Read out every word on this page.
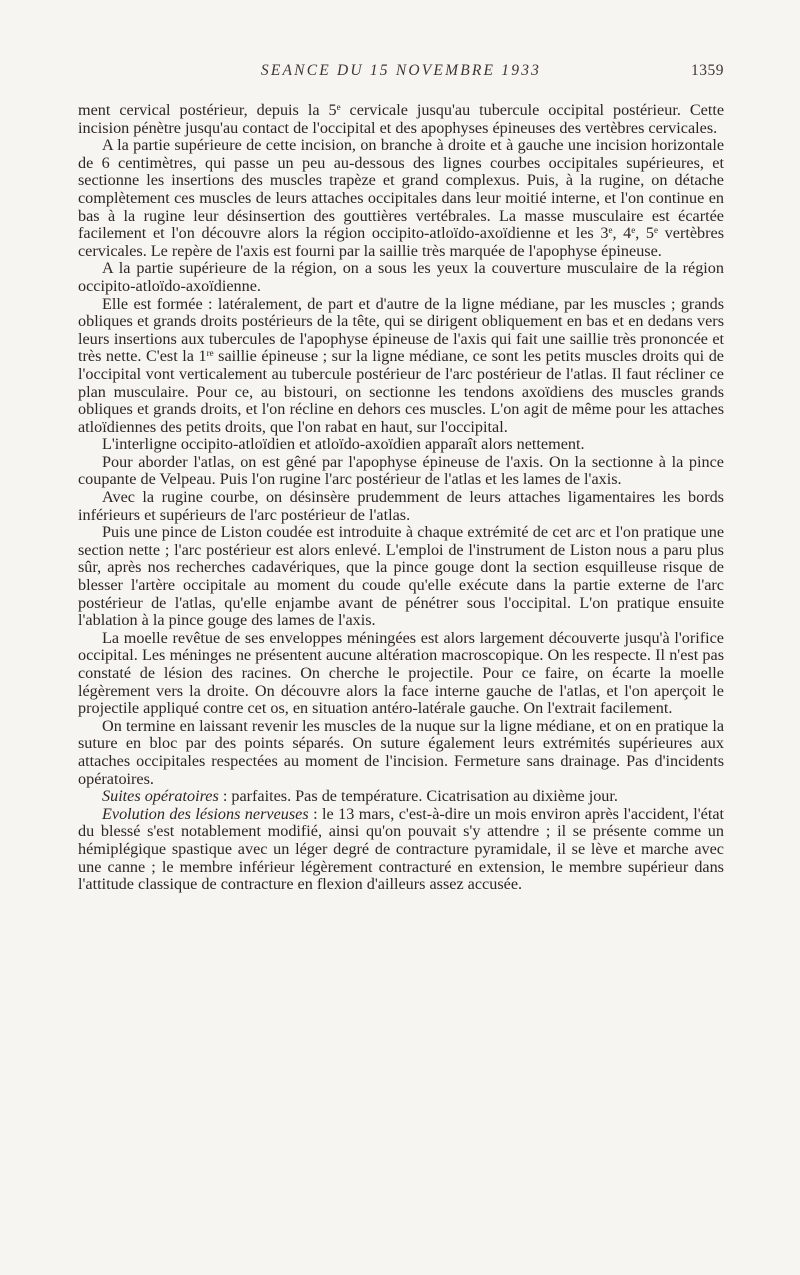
SEANCE DU 15 NOVEMBRE 1933	1359

ment cervical postérieur, depuis la 5e cervicale jusqu'au tubercule occipital postérieur. Cette incision pénètre jusqu'au contact de l'occipital et des apophyses épineuses des vertèbres cervicales.

A la partie supérieure de cette incision, on branche à droite et à gauche une incision horizontale de 6 centimètres, qui passe un peu au-dessous des lignes courbes occipitales supérieures, et sectionne les insertions des muscles trapèze et grand complexus. Puis, à la rugine, on détache complètement ces muscles de leurs attaches occipitales dans leur moitié interne, et l'on continue en bas à la rugine leur désinsertion des gouttières vertébrales. La masse musculaire est écartée facilement et l'on découvre alors la région occipito-atloïdo-axoïdienne et les 3e, 4e, 5e vertèbres cervicales. Le repère de l'axis est fourni par la saillie très marquée de l'apophyse épineuse.

A la partie supérieure de la région, on a sous les yeux la couverture musculaire de la région occipito-atloïdo-axoïdienne.

Elle est formée : latéralement, de part et d'autre de la ligne médiane, par les muscles ; grands obliques et grands droits postérieurs de la tête, qui se dirigent obliquement en bas et en dedans vers leurs insertions aux tubercules de l'apophyse épineuse de l'axis qui fait une saillie très prononcée et très nette. C'est la 1re saillie épineuse ; sur la ligne médiane, ce sont les petits muscles droits qui de l'occipital vont verticalement au tubercule postérieur de l'arc postérieur de l'atlas. Il faut récliner ce plan musculaire. Pour ce, au bistouri, on sectionne les tendons axoïdiens des muscles grands obliques et grands droits, et l'on récline en dehors ces muscles. L'on agit de même pour les attaches atloïdiennes des petits droits, que l'on rabat en haut, sur l'occipital.

L'interligne occipito-atloïdien et atloïdo-axoïdien apparaît alors nettement.

Pour aborder l'atlas, on est gêné par l'apophyse épineuse de l'axis. On la sectionne à la pince coupante de Velpeau. Puis l'on rugine l'arc postérieur de l'atlas et les lames de l'axis.

Avec la rugine courbe, on désinsère prudemment de leurs attaches ligamentaires les bords inférieurs et supérieurs de l'arc postérieur de l'atlas.

Puis une pince de Liston coudée est introduite à chaque extrémité de cet arc et l'on pratique une section nette ; l'arc postérieur est alors enlevé. L'emploi de l'instrument de Liston nous a paru plus sûr, après nos recherches cadavériques, que la pince gouge dont la section esquilleuse risque de blesser l'artère occipitale au moment du coude qu'elle exécute dans la partie externe de l'arc postérieur de l'atlas, qu'elle enjambe avant de pénétrer sous l'occipital. L'on pratique ensuite l'ablation à la pince gouge des lames de l'axis.

La moelle revêtue de ses enveloppes méningées est alors largement découverte jusqu'à l'orifice occipital. Les méninges ne présentent aucune altération macroscopique. On les respecte. Il n'est pas constaté de lésion des racines. On cherche le projectile. Pour ce faire, on écarte la moelle légèrement vers la droite. On découvre alors la face interne gauche de l'atlas, et l'on aperçoit le projectile appliqué contre cet os, en situation antéro-latérale gauche. On l'extrait facilement.

On termine en laissant revenir les muscles de la nuque sur la ligne médiane, et on en pratique la suture en bloc par des points séparés. On suture également leurs extrémités supérieures aux attaches occipitales respectées au moment de l'incision. Fermeture sans drainage. Pas d'incidents opératoires.

Suites opératoires : parfaites. Pas de température. Cicatrisation au dixième jour.

Evolution des lésions nerveuses : le 13 mars, c'est-à-dire un mois environ après l'accident, l'état du blessé s'est notablement modifié, ainsi qu'on pouvait s'y attendre ; il se présente comme un hémiplégique spastique avec un léger degré de contracture pyramidale, il se lève et marche avec une canne ; le membre inférieur légèrement contracturé en extension, le membre supérieur dans l'attitude classique de contracture en flexion d'ailleurs assez accusée.
